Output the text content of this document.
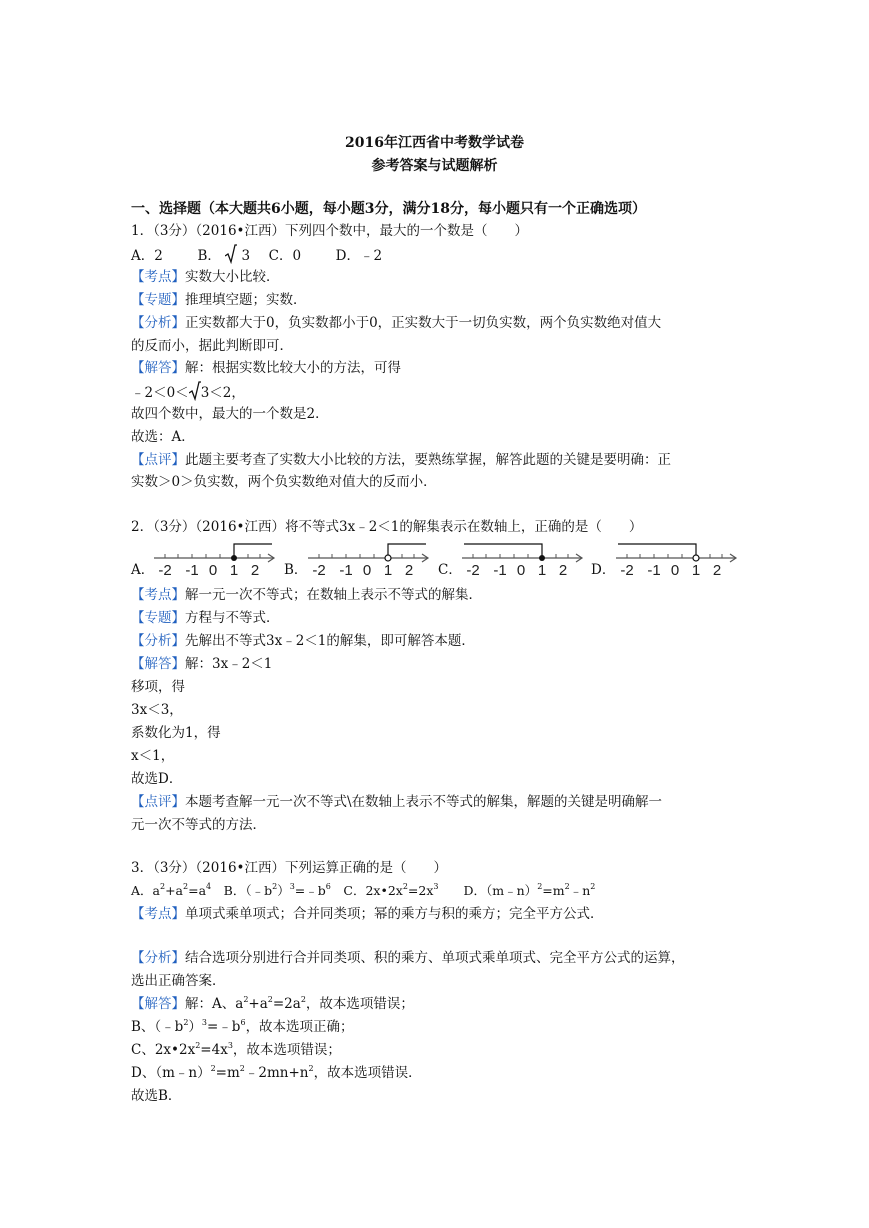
2016年江西省中考数学试卷
参考答案与试题解析
一、选择题（本大题共6小题，每小题3分，满分18分，每小题只有一个正确选项）
1．（3分）（2016•江西）下列四个数中，最大的一个数是（　　）
A．2	B． 3 C．0	D．﹣2
【考点】实数大小比较．
【专题】推理填空题；实数．
【分析】正实数都大于0，负实数都小于0，正实数大于一切负实数，两个负实数绝对值大
的反而小，据此判断即可．
【解答】解：根据实数比较大小的方法，可得
﹣2＜0＜ 3＜2，
故四个数中，最大的一个数是2．
故选：A．
【点评】此题主要考查了实数大小比较的方法，要熟练掌握，解答此题的关键是要明确：正
实数＞0＞负实数，两个负实数绝对值大的反而小．
2．（3分）（2016•江西）将不等式3x﹣2＜1的解集表示在数轴上，正确的是（　　）
A．	B．	C．	D．
-2 -1 0 1 2	-2 -1 0 1 2	-2 -1 0 1 2	-2 -1 0 1 2
【考点】解一元一次不等式；在数轴上表示不等式的解集．
【专题】方程与不等式．
【分析】先解出不等式3x﹣2＜1的解集，即可解答本题．
【解答】解：3x﹣2＜1
移项，得
3x＜3，
系数化为1，得
x＜1，
故选D．
【点评】本题考查解一元一次不等式\在数轴上表示不等式的解集，解题的关键是明确解一
元一次不等式的方法．
3．（3分）（2016•江西）下列运算正确的是（　　）
A．$a^2+a^2=a^4$　B．$(﹣b^2)^3=﹣b^6$　C．$2x•2x^2=2x^3$　　D．$(m﹣n)^2=m^2﹣n^2$
【考点】单项式乘单项式；合并同类项；幂的乘方与积的乘方；完全平方公式．
【分析】结合选项分别进行合并同类项、积的乘方、单项式乘单项式、完全平方公式的运算，
选出正确答案．
【解答】解：A、$a^2+a^2=2a^2$，故本选项错误；
B、$(﹣b^2)^3=﹣b^6$，故本选项正确；
C、$2x•2x^2=4x^3$，故本选项错误；
D、$(m﹣n)^2=m^2﹣2mn+n^2$，故本选项错误．
故选B．
